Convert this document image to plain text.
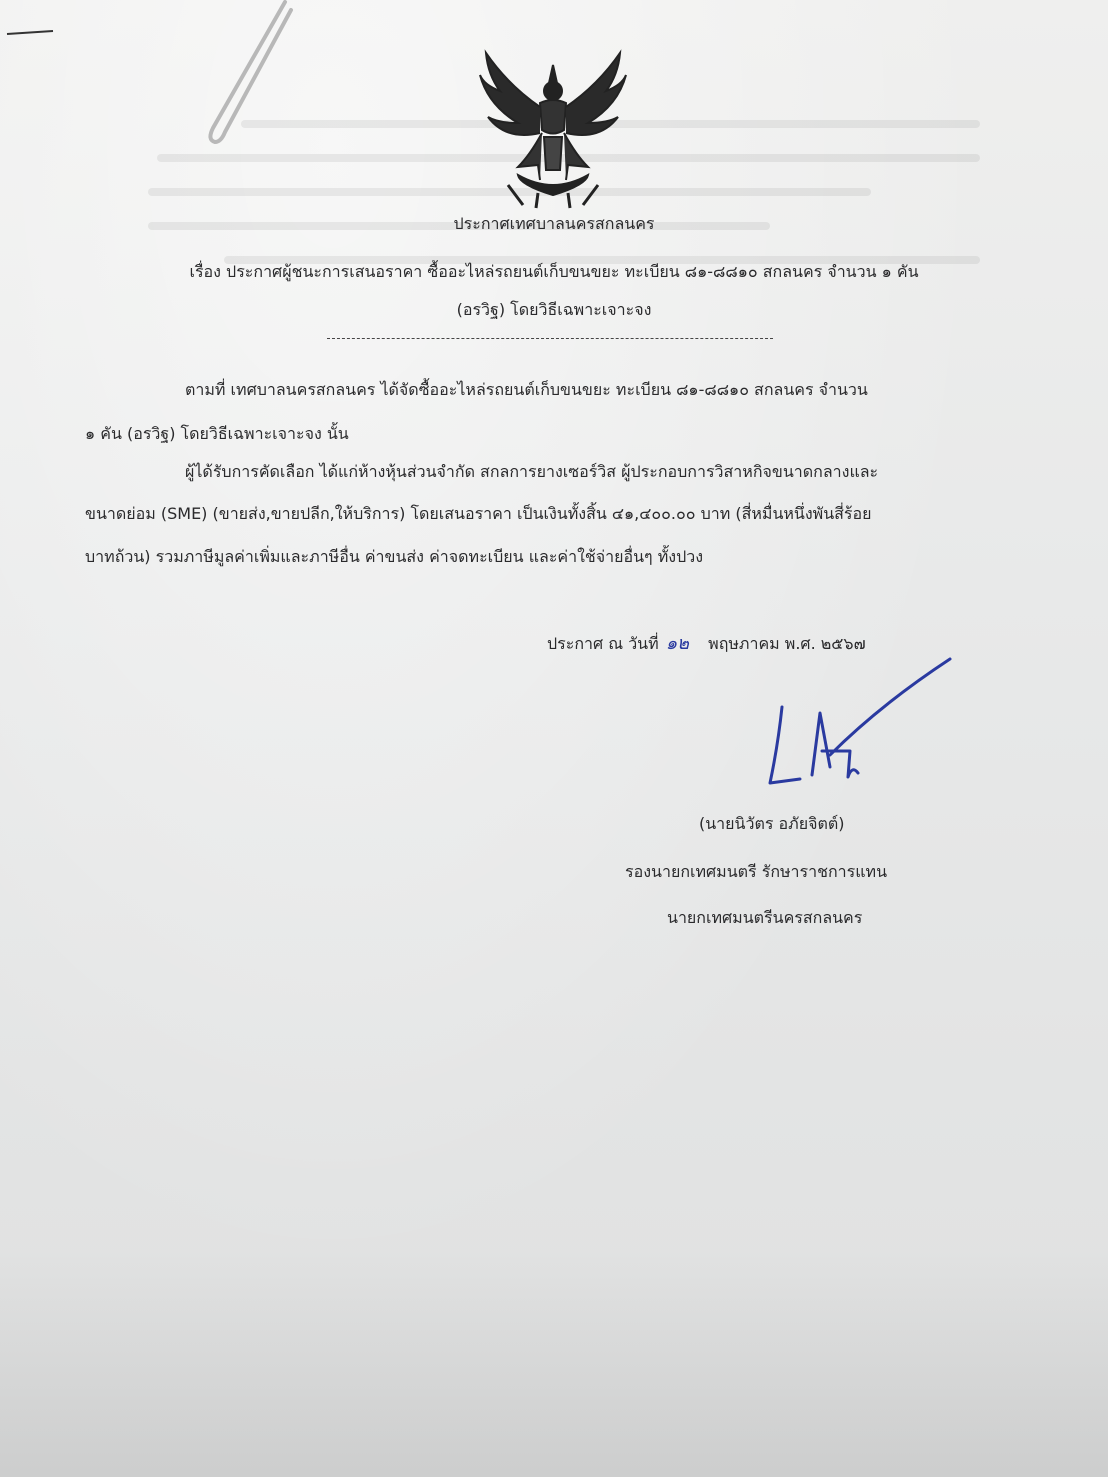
ประกาศเทศบาลนครสกลนคร
เรื่อง ประกาศผู้ชนะการเสนอราคา ซื้ออะไหล่รถยนต์เก็บขนขยะ ทะเบียน ๘๑-๘๘๑๐ สกลนคร จำนวน ๑ คัน
(อรวิฐ) โดยวิธีเฉพาะเจาะจง
ตามที่ เทศบาลนครสกลนคร ได้จัดซื้ออะไหล่รถยนต์เก็บขนขยะ ทะเบียน ๘๑-๘๘๑๐ สกลนคร จำนวน
๑ คัน (อรวิฐ) โดยวิธีเฉพาะเจาะจง นั้น
ผู้ได้รับการคัดเลือก ได้แก่ห้างหุ้นส่วนจำกัด สกลการยางเซอร์วิส ผู้ประกอบการวิสาหกิจขนาดกลางและ
ขนาดย่อม (SME) (ขายส่ง,ขายปลีก,ให้บริการ) โดยเสนอราคา เป็นเงินทั้งสิ้น ๔๑,๔๐๐.๐๐ บาท (สี่หมื่นหนึ่งพันสี่ร้อย
บาทถ้วน) รวมภาษีมูลค่าเพิ่มและภาษีอื่น ค่าขนส่ง ค่าจดทะเบียน และค่าใช้จ่ายอื่นๆ ทั้งปวง
ประกาศ ณ วันที่ ๑๒ พฤษภาคม พ.ศ. ๒๕๖๗
(นายนิวัตร อภัยจิตต์)
รองนายกเทศมนตรี รักษาราชการแทน
นายกเทศมนตรีนครสกลนคร
